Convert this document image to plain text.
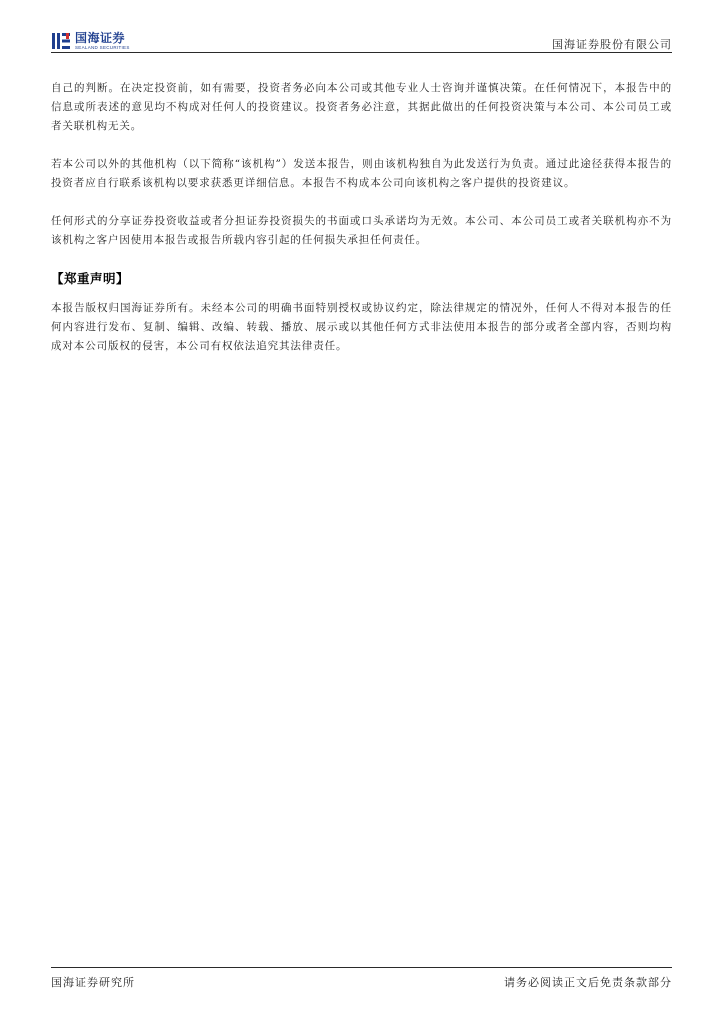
国海证券
SEALAND SECURITIES	国海证券股份有限公司

自己的判断。在决定投资前，如有需要，投资者务必向本公司或其他专业人士咨询并谨慎决策。在任何情况下，本报告中的信息或所表述的意见均不构成对任何人的投资建议。投资者务必注意，其据此做出的任何投资决策与本公司、本公司员工或者关联机构无关。

若本公司以外的其他机构（以下简称“该机构”）发送本报告，则由该机构独自为此发送行为负责。通过此途径获得本报告的投资者应自行联系该机构以要求获悉更详细信息。本报告不构成本公司向该机构之客户提供的投资建议。

任何形式的分享证券投资收益或者分担证券投资损失的书面或口头承诺均为无效。本公司、本公司员工或者关联机构亦不为该机构之客户因使用本报告或报告所载内容引起的任何损失承担任何责任。

【郑重声明】

本报告版权归国海证券所有。未经本公司的明确书面特别授权或协议约定，除法律规定的情况外，任何人不得对本报告的任何内容进行发布、复制、编辑、改编、转载、播放、展示或以其他任何方式非法使用本报告的部分或者全部内容，否则均构成对本公司版权的侵害，本公司有权依法追究其法律责任。

国海证券研究所	请务必阅读正文后免责条款部分
